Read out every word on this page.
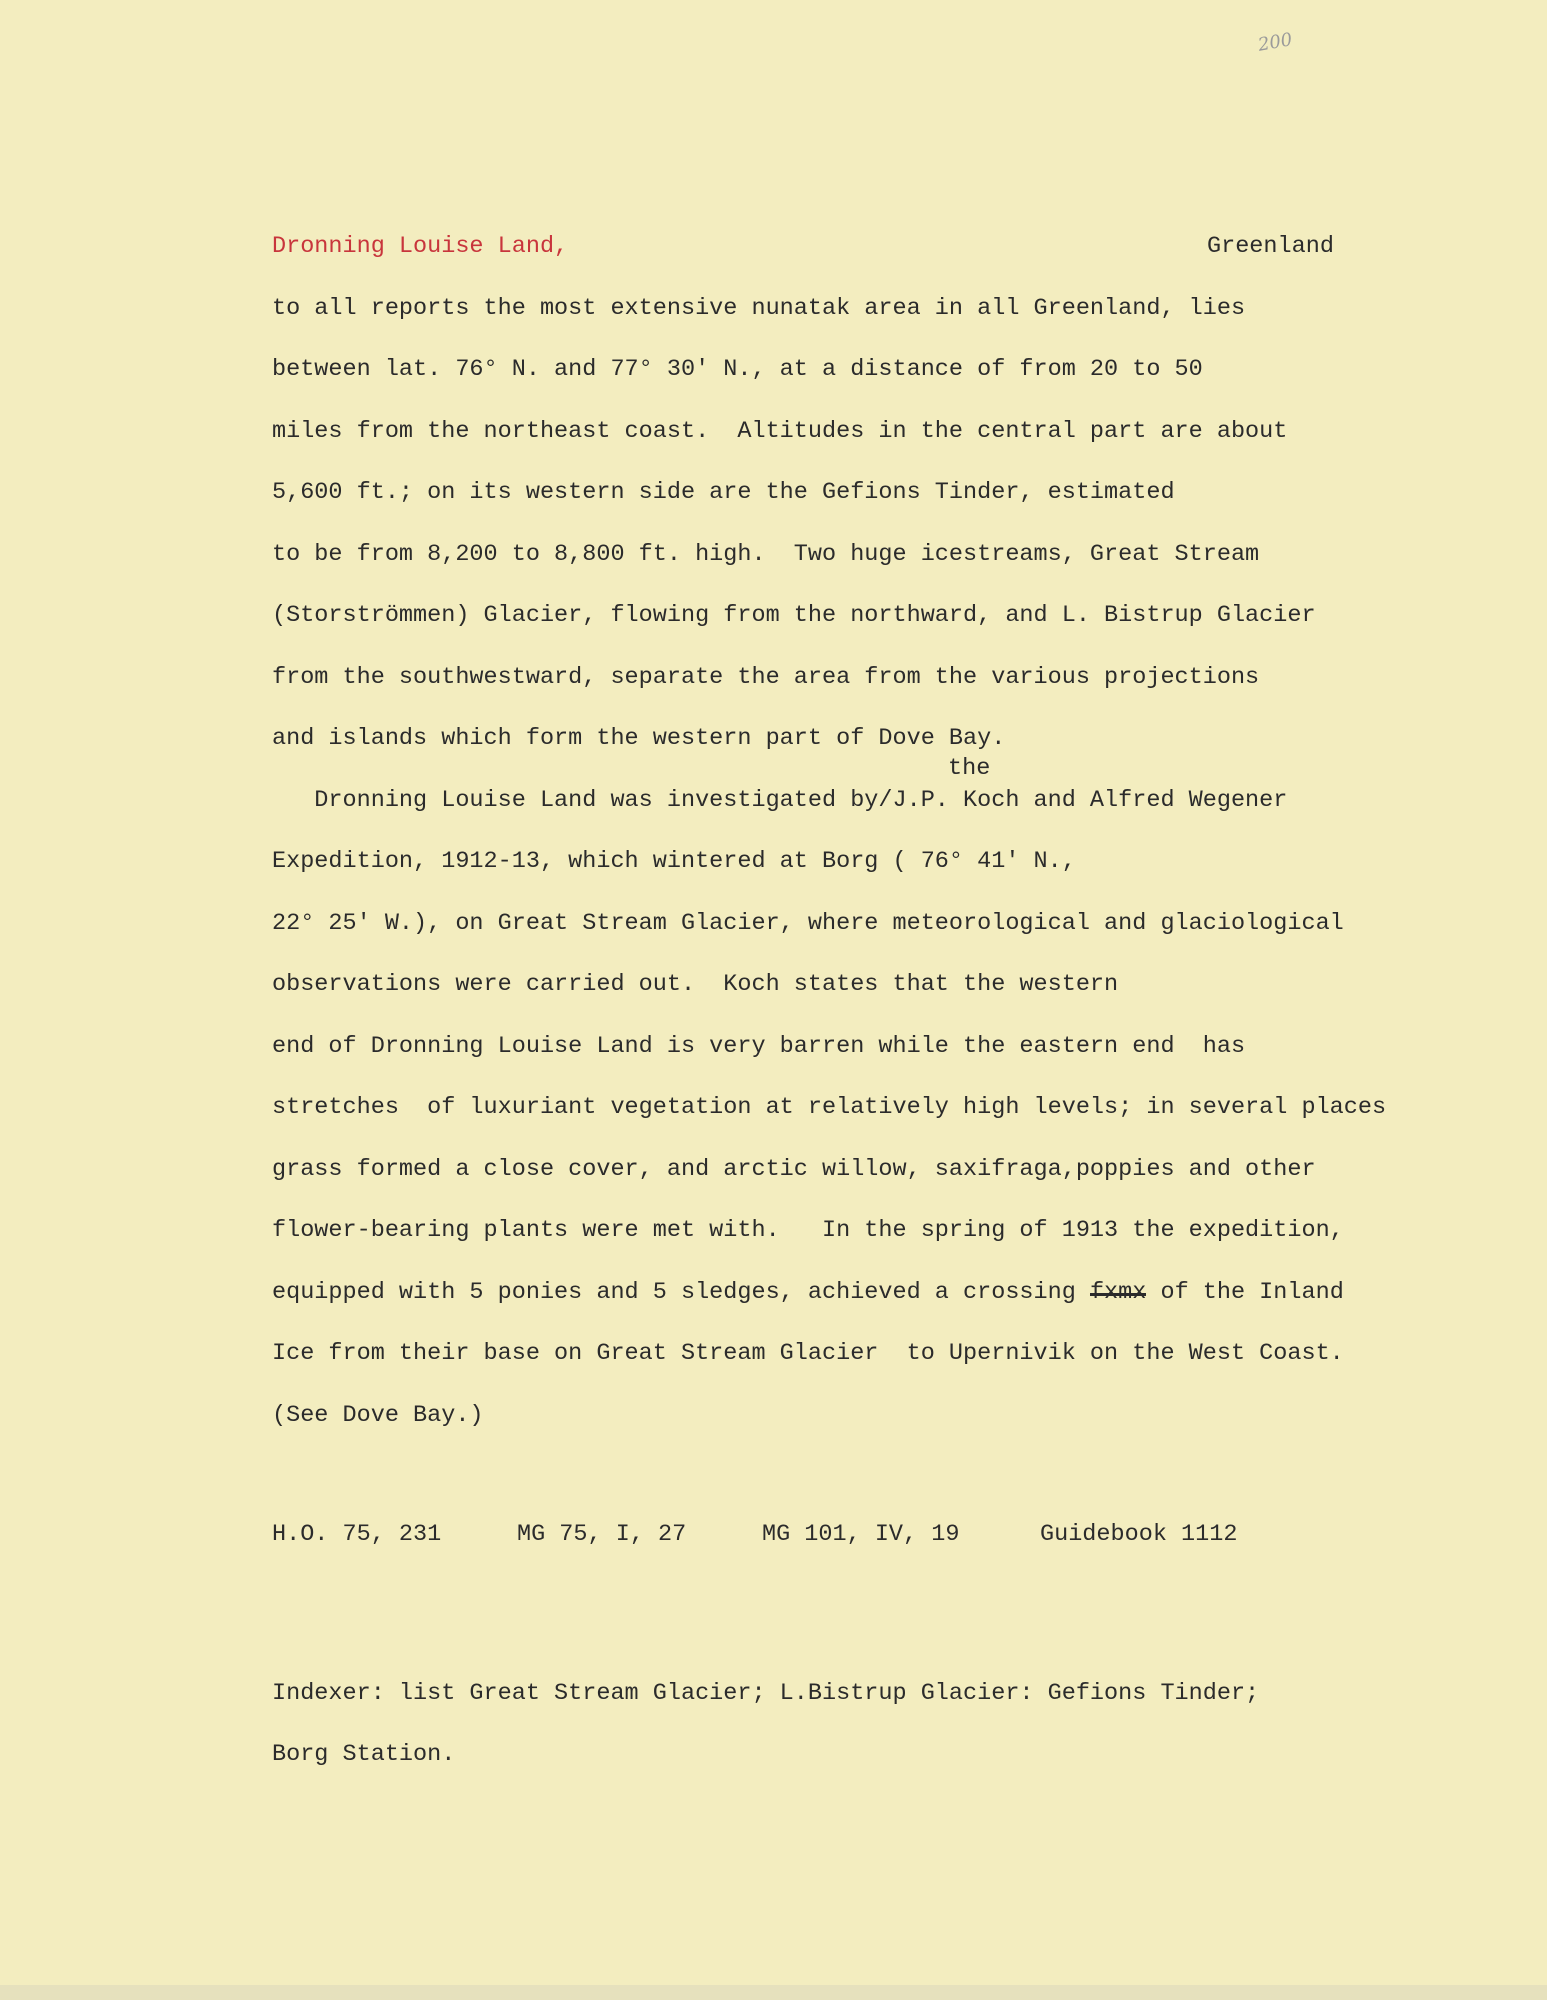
200
Dronning Louise Land,	Greenland
to all reports the most extensive nunatak area in all Greenland, lies
between lat. 76° N. and 77° 30' N., at a distance of from 20 to 50
miles from the northeast coast.  Altitudes in the central part are about
5,600 ft.; on its western side are the Gefions Tinder, estimated
to be from 8,200 to 8,800 ft. high.  Two huge icestreams, Great Stream
(Storströmmen) Glacier, flowing from the northward, and L. Bistrup Glacier
from the southwestward, separate the area from the various projections
and islands which form the western part of Dove Bay.
the
Dronning Louise Land was investigated by/J.P. Koch and Alfred Wegener
Expedition, 1912-13, which wintered at Borg ( 76° 41' N.,
22° 25' W.), on Great Stream Glacier, where meteorological and glaciological
observations were carried out.  Koch states that the western
end of Dronning Louise Land is very barren while the eastern end  has
stretches  of luxuriant vegetation at relatively high levels; in several places
grass formed a close cover, and arctic willow, saxifraga,poppies and other
flower-bearing plants were met with.   In the spring of 1913 the expedition,
equipped with 5 ponies and 5 sledges, achieved a crossing fxmx of the Inland
Ice from their base on Great Stream Glacier  to Upernivik on the West Coast.
(See Dove Bay.)
H.O. 75, 231	MG 75, I, 27	MG 101, IV, 19	Guidebook 1112
Indexer: list Great Stream Glacier; L.Bistrup Glacier: Gefions Tinder;
Borg Station.
